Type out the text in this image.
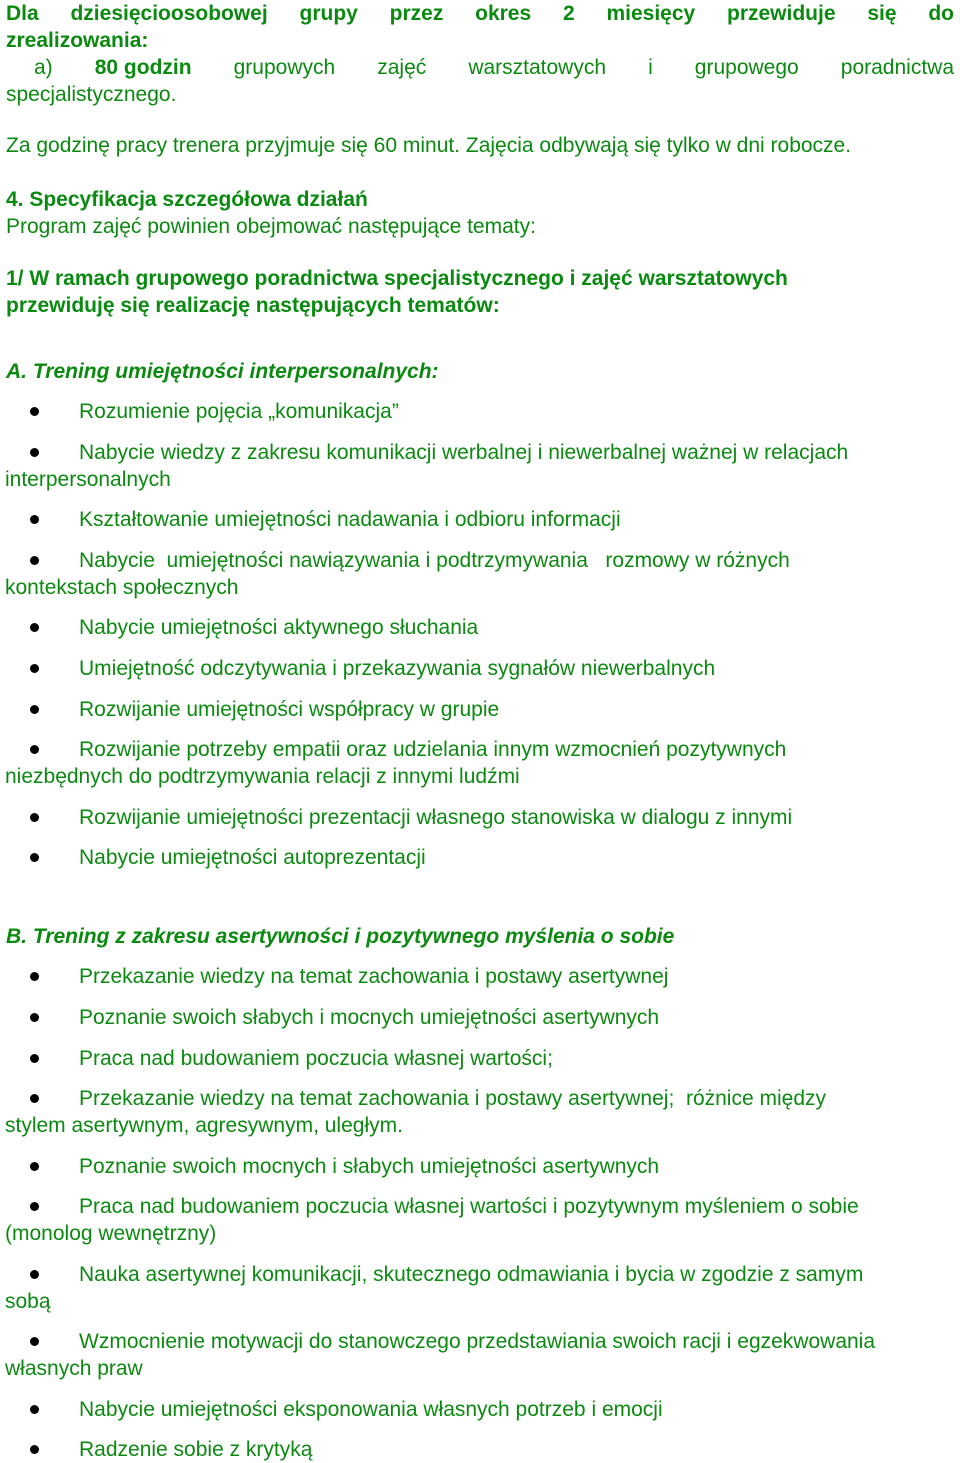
Dla dziesięcioosobowej grupy przez okres 2 miesięcy przewiduje się do
zrealizowania:
a) 80 godzin grupowych zajęć warsztatowych i grupowego poradnictwa
specjalistycznego.
Za godzinę pracy trenera przyjmuje się 60 minut. Zajęcia odbywają się tylko w dni robocze.
4. Specyfikacja szczegółowa działań
Program zajęć powinien obejmować następujące tematy:
1/ W ramach grupowego poradnictwa specjalistycznego i zajęć warsztatowych
przewiduję się realizację następujących tematów:
A. Trening umiejętności interpersonalnych:
Rozumienie pojęcia „komunikacja”
Nabycie wiedzy z zakresu komunikacji werbalnej i niewerbalnej ważnej w relacjach
interpersonalnych
Kształtowanie umiejętności nadawania i odbioru informacji
Nabycie  umiejętności nawiązywania i podtrzymywania   rozmowy w różnych
kontekstach społecznych
Nabycie umiejętności aktywnego słuchania
Umiejętność odczytywania i przekazywania sygnałów niewerbalnych
Rozwijanie umiejętności współpracy w grupie
Rozwijanie potrzeby empatii oraz udzielania innym wzmocnień pozytywnych
niezbędnych do podtrzymywania relacji z innymi ludźmi
Rozwijanie umiejętności prezentacji własnego stanowiska w dialogu z innymi
Nabycie umiejętności autoprezentacji
B. Trening z zakresu asertywności i pozytywnego myślenia o sobie
Przekazanie wiedzy na temat zachowania i postawy asertywnej
Poznanie swoich słabych i mocnych umiejętności asertywnych
Praca nad budowaniem poczucia własnej wartości;
Przekazanie wiedzy na temat zachowania i postawy asertywnej;  różnice między
stylem asertywnym, agresywnym, uległym.
Poznanie swoich mocnych i słabych umiejętności asertywnych
Praca nad budowaniem poczucia własnej wartości i pozytywnym myśleniem o sobie
(monolog wewnętrzny)
Nauka asertywnej komunikacji, skutecznego odmawiania i bycia w zgodzie z samym
sobą
Wzmocnienie motywacji do stanowczego przedstawiania swoich racji i egzekwowania
własnych praw
Nabycie umiejętności eksponowania własnych potrzeb i emocji
Radzenie sobie z krytyką
